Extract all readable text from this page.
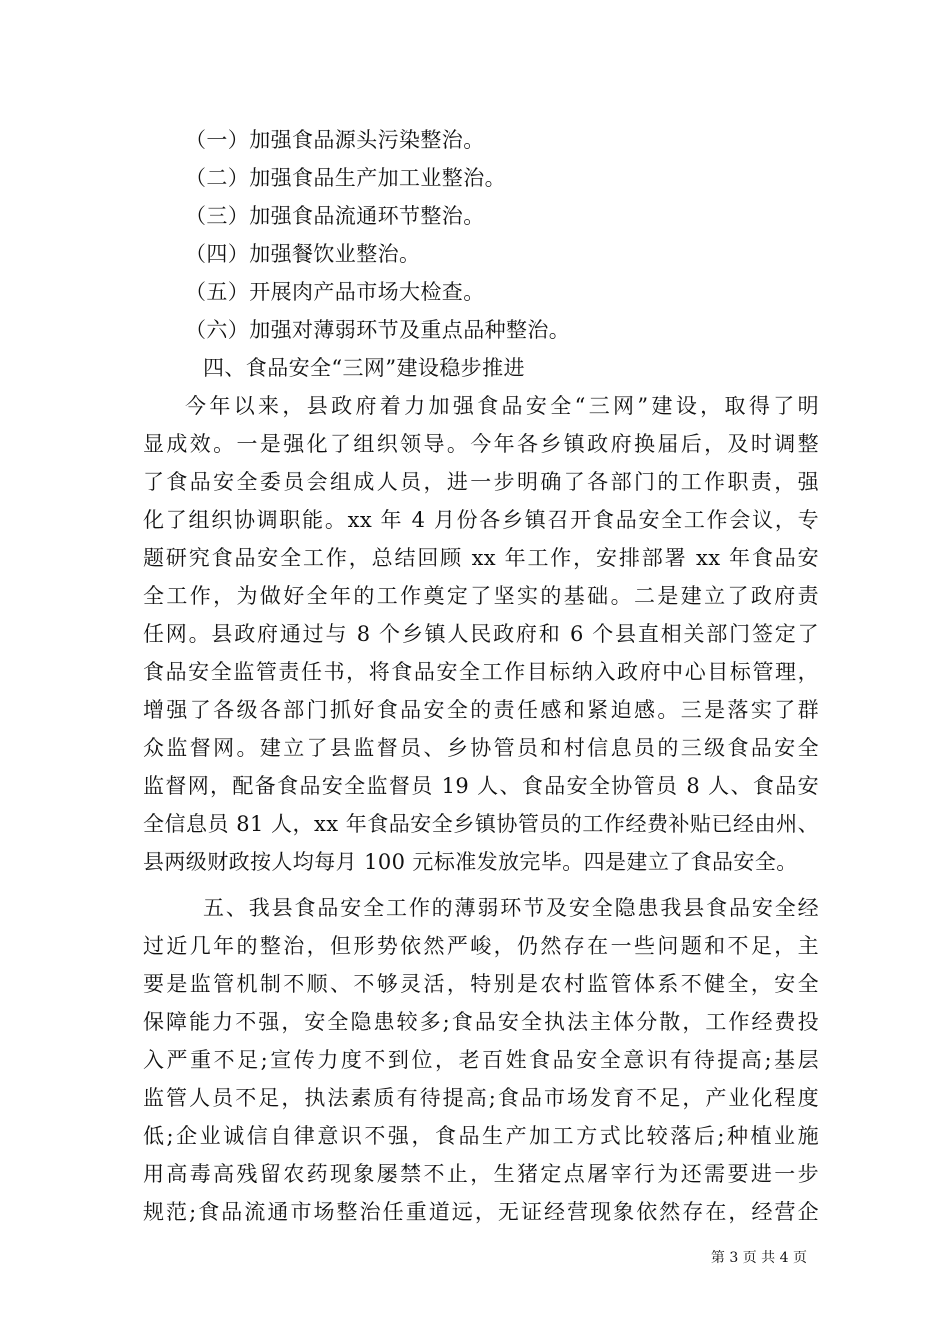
（一）加强食品源头污染整治。
（二）加强食品生产加工业整治。
（三）加强食品流通环节整治。
（四）加强餐饮业整治。
（五）开展肉产品市场大检查。
（六）加强对薄弱环节及重点品种整治。
四、食品安全“三网”建设稳步推进
今年以来，县政府着力加强食品安全“三网”建设，取得了明
显成效。一是强化了组织领导。今年各乡镇政府换届后，及时调整
了食品安全委员会组成人员，进一步明确了各部门的工作职责，强
化了组织协调职能。xx 年 4 月份各乡镇召开食品安全工作会议，专
题研究食品安全工作，总结回顾 xx 年工作，安排部署 xx 年食品安
全工作，为做好全年的工作奠定了坚实的基础。二是建立了政府责
任网。县政府通过与 8 个乡镇人民政府和 6 个县直相关部门签定了
食品安全监管责任书，将食品安全工作目标纳入政府中心目标管理，
增强了各级各部门抓好食品安全的责任感和紧迫感。三是落实了群
众监督网。建立了县监督员、乡协管员和村信息员的三级食品安全
监督网，配备食品安全监督员 19 人、食品安全协管员 8 人、食品安
全信息员 81 人，xx 年食品安全乡镇协管员的工作经费补贴已经由州、
县两级财政按人均每月 100 元标准发放完毕。四是建立了食品安全。
五、我县食品安全工作的薄弱环节及安全隐患我县食品安全经
过近几年的整治，但形势依然严峻，仍然存在一些问题和不足，主
要是监管机制不顺、不够灵活，特别是农村监管体系不健全，安全
保障能力不强，安全隐患较多;食品安全执法主体分散，工作经费投
入严重不足;宣传力度不到位，老百姓食品安全意识有待提高;基层
监管人员不足，执法素质有待提高;食品市场发育不足，产业化程度
低;企业诚信自律意识不强，食品生产加工方式比较落后;种植业施
用高毒高残留农药现象屡禁不止，生猪定点屠宰行为还需要进一步
规范;食品流通市场整治任重道远，无证经营现象依然存在，经营企
第 3 页 共 4 页
